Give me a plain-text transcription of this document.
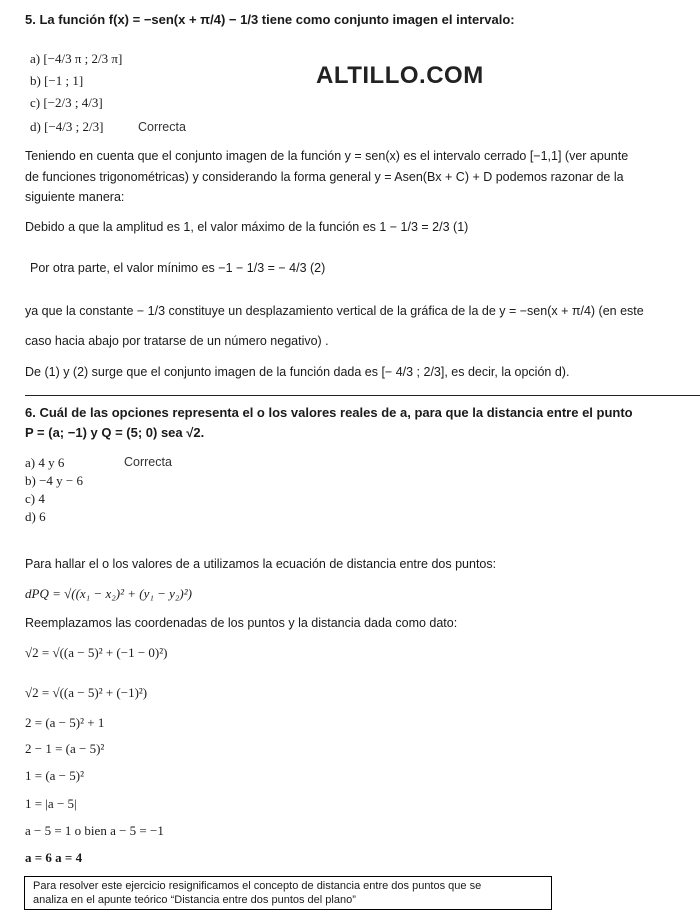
5. La función f(x) = −sen(x + π/4) − 1/3 tiene como conjunto imagen el intervalo:
a) [−4/3 π ; 2/3 π]
b) [−1 ; 1]
c) [−2/3 ; 4/3]
d) [−4/3 ; 2/3]	Correcta
ALTILLO.COM
Teniendo en cuenta que el conjunto imagen de la función y = sen(x) es el intervalo cerrado [−1,1] (ver apunte
de funciones trigonométricas) y considerando la forma general y = Asen(Bx + C) + D podemos razonar de la
siguiente manera:
Debido a que la amplitud es 1, el valor máximo de la función es 1 − 1/3 = 2/3 (1)
Por otra parte, el valor mínimo es −1 − 1/3 = − 4/3 (2)
ya que la constante − 1/3 constituye un desplazamiento vertical de la gráfica de la de y = −sen(x + π/4) (en este
caso hacia abajo por tratarse de un número negativo) .
De (1) y (2) surge que el conjunto imagen de la función dada es [− 4/3 ; 2/3], es decir, la opción d).
6. Cuál de las opciones representa el o los valores reales de a, para que la distancia entre el punto
P = (a; −1) y Q = (5; 0) sea √2.
a) 4 y 6	Correcta
b) −4 y − 6
c) 4
d) 6
Para hallar el o los valores de a utilizamos la ecuación de distancia entre dos puntos:
dPQ = √((x₁ − x₂)² + (y₁ − y₂)²)
Reemplazamos las coordenadas de los puntos y la distancia dada como dato:
√2 = √((a − 5)² + (−1 − 0)²)
√2 = √((a − 5)² + (−1)²)
2 = (a − 5)² + 1
2 − 1 = (a − 5)²
1 = (a − 5)²
1 = |a − 5|
a − 5 = 1 o bien a − 5 = −1
a = 6 a = 4
Para resolver este ejercicio resignificamos el concepto de distancia entre dos puntos que se
analiza en el apunte teórico “Distancia entre dos puntos del plano”
